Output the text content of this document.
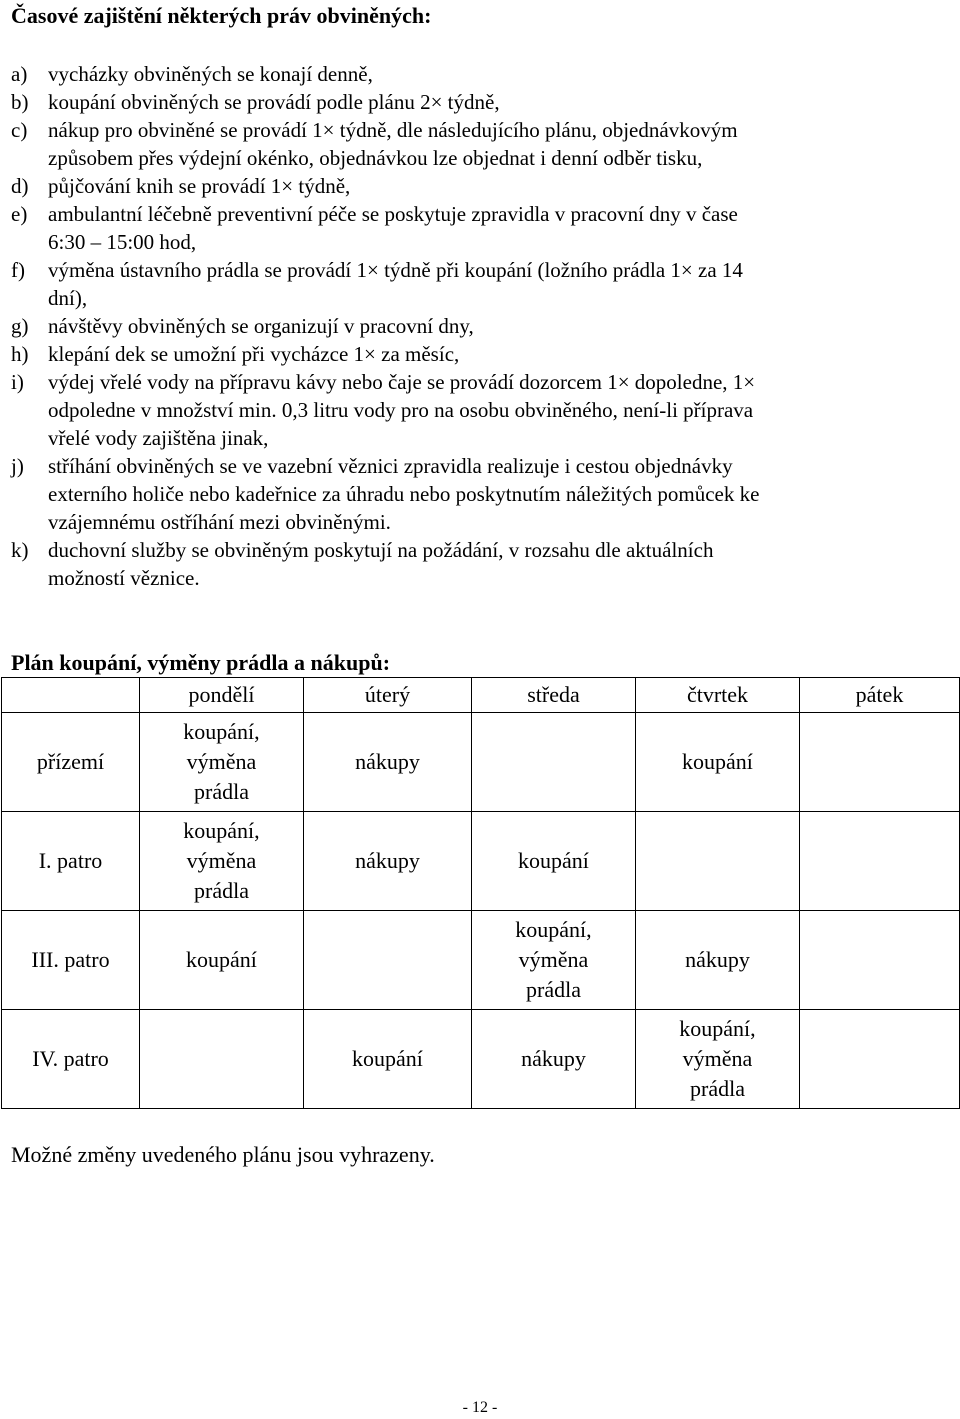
Časové zajištění některých práv obviněných:
a) vycházky obviněných se konají denně,
b) koupání obviněných se provádí podle plánu 2× týdně,
c) nákup pro obviněné se provádí 1× týdně, dle následujícího plánu, objednávkovým
způsobem přes výdejní okénko, objednávkou lze objednat i denní odběr tisku,
d) půjčování knih se provádí 1× týdně,
e) ambulantní léčebně preventivní péče se poskytuje zpravidla v pracovní dny v čase
6:30 – 15:00 hod,
f) výměna ústavního prádla se provádí 1× týdně při koupání (ložního prádla 1× za 14
dní),
g) návštěvy obviněných se organizují v pracovní dny,
h) klepání dek se umožní při vycházce 1× za měsíc,
i) výdej vřelé vody na přípravu kávy nebo čaje se provádí dozorcem 1× dopoledne, 1×
odpoledne v množství min. 0,3 litru vody pro na osobu obviněného, není-li příprava
vřelé vody zajištěna jinak,
j) stříhání obviněných se ve vazební věznici zpravidla realizuje i cestou objednávky
externího holiče nebo kadeřnice za úhradu nebo poskytnutím náležitých pomůcek ke
vzájemnému ostříhání mezi obviněnými.
k) duchovní služby se obviněným poskytují na požádání, v rozsahu dle aktuálních
možností věznice.
Plán koupání, výměny prádla a nákupů:
	pondělí	úterý	středa	čtvrtek	pátek
přízemí	koupání,
výměna
prádla	nákupy		koupání	

I. patro	koupání,
výměna
prádla	nákupy	koupání		

III. patro	koupání		koupání,
výměna
prádla	nákupy	

IV. patro		koupání	nákupy	koupání,
výměna
prádla	

Možné změny uvedeného plánu jsou vyhrazeny.
- 12 -
